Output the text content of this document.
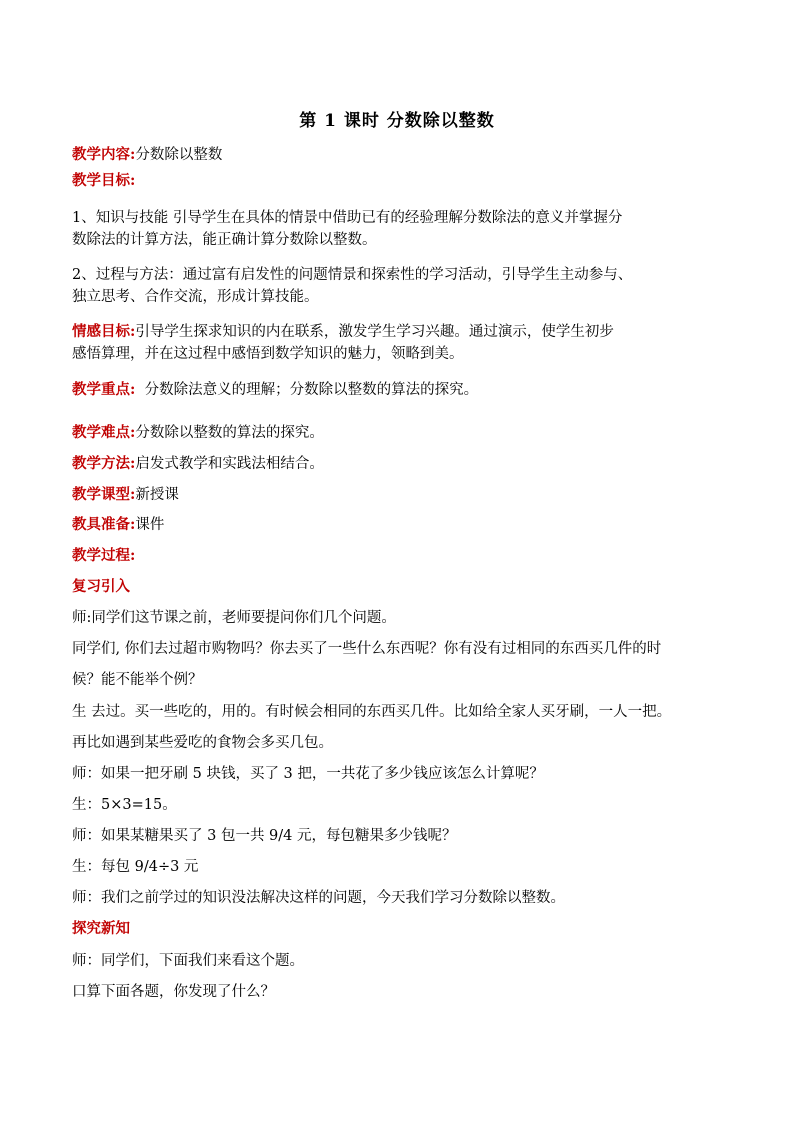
第 1 课时 分数除以整数
教学内容:分数除以整数
教学目标:
1、知识与技能 引导学生在具体的情景中借助已有的经验理解分数除法的意义并掌握分
数除法的计算方法，能正确计算分数除以整数。
2、过程与方法：通过富有启发性的问题情景和探索性的学习活动，引导学生主动参与、
独立思考、合作交流，形成计算技能。
情感目标:引导学生探求知识的内在联系，激发学生学习兴趣。通过演示，使学生初步
感悟算理，并在这过程中感悟到数学知识的魅力，领略到美。
教学重点:  分数除法意义的理解；分数除以整数的算法的探究。
教学难点:分数除以整数的算法的探究。
教学方法:启发式教学和实践法相结合。
教学课型:新授课
教具准备:课件
教学过程:
复习引入
师:同学们这节课之前，老师要提问你们几个问题。
同学们, 你们去过超市购物吗？你去买了一些什么东西呢？你有没有过相同的东西买几件的时
候？能不能举个例？
生 去过。买一些吃的，用的。有时候会相同的东西买几件。比如给全家人买牙刷，一人一把。
再比如遇到某些爱吃的食物会多买几包。
师：如果一把牙刷 5 块钱，买了 3 把，一共花了多少钱应该怎么计算呢？
生：5×3=15。
师：如果某糖果买了 3 包一共 9/4 元，每包糖果多少钱呢？
生：每包 9/4÷3 元
师：我们之前学过的知识没法解决这样的问题，今天我们学习分数除以整数。
探究新知
师：同学们，下面我们来看这个题。
口算下面各题，你发现了什么？
